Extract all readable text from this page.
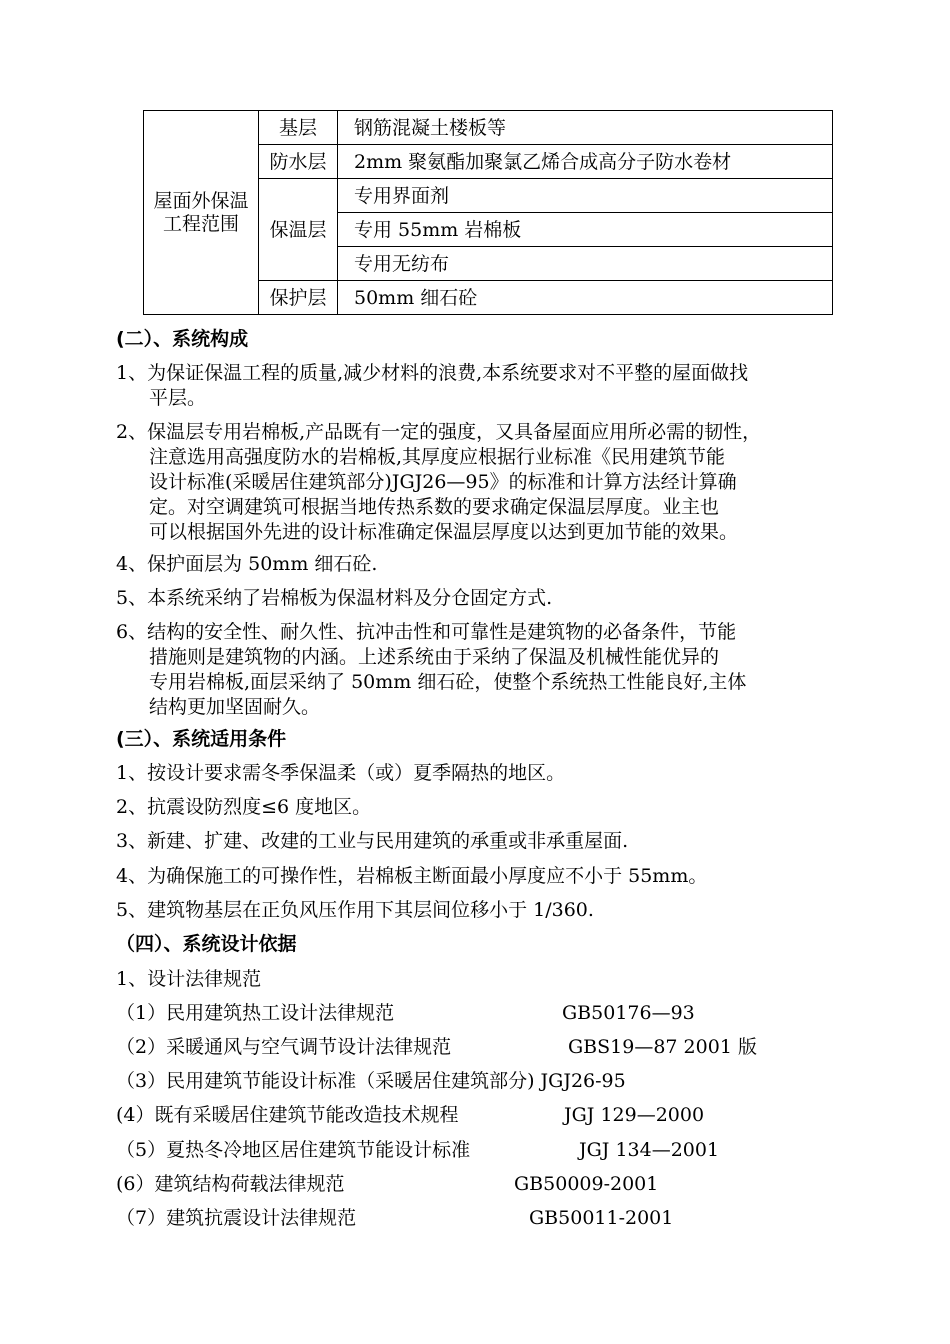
屋面外保温工程范围	基层	钢筋混凝土楼板等
	防水层	2mm 聚氨酯加聚氯乙烯合成高分子防水卷材
	保温层	专用界面剂
		专用 55mm 岩棉板
		专用无纺布
	保护层	50mm 细石砼
(二）、系统构成
1、为保证保温工程的质量,减少材料的浪费,本系统要求对不平整的屋面做找
平层。
2、保温层专用岩棉板,产品既有一定的强度，又具备屋面应用所必需的韧性，
注意选用高强度防水的岩棉板,其厚度应根据行业标准《民用建筑节能
设计标准(采暖居住建筑部分)JGJ26—95》的标准和计算方法经计算确
定。对空调建筑可根据当地传热系数的要求确定保温层厚度。业主也
可以根据国外先进的设计标准确定保温层厚度以达到更加节能的效果。
4、保护面层为 50mm 细石砼.
5、本系统采纳了岩棉板为保温材料及分仓固定方式.
6、结构的安全性、耐久性、抗冲击性和可靠性是建筑物的必备条件，节能
措施则是建筑物的内涵。上述系统由于采纳了保温及机械性能优异的
专用岩棉板,面层采纳了 50mm 细石砼，使整个系统热工性能良好,主体
结构更加坚固耐久。
(三）、系统适用条件
1、按设计要求需冬季保温柔（或）夏季隔热的地区。
2、抗震设防烈度≤6 度地区。
3、新建、扩建、改建的工业与民用建筑的承重或非承重屋面.
4、为确保施工的可操作性，岩棉板主断面最小厚度应不小于 55mm。
5、建筑物基层在正负风压作用下其层间位移小于 1/360.
（四）、系统设计依据
1、设计法律规范
（1）民用建筑热工设计法律规范	GB50176—93
（2）采暖通风与空气调节设计法律规范	GBS19—87 2001 版
（3）民用建筑节能设计标准（采暖居住建筑部分) JGJ26-95
(4）既有采暖居住建筑节能改造技术规程	JGJ 129—2000
（5）夏热冬冷地区居住建筑节能设计标准	JGJ 134—2001
(6）建筑结构荷载法律规范	GB50009-2001
（7）建筑抗震设计法律规范	GB50011-2001
